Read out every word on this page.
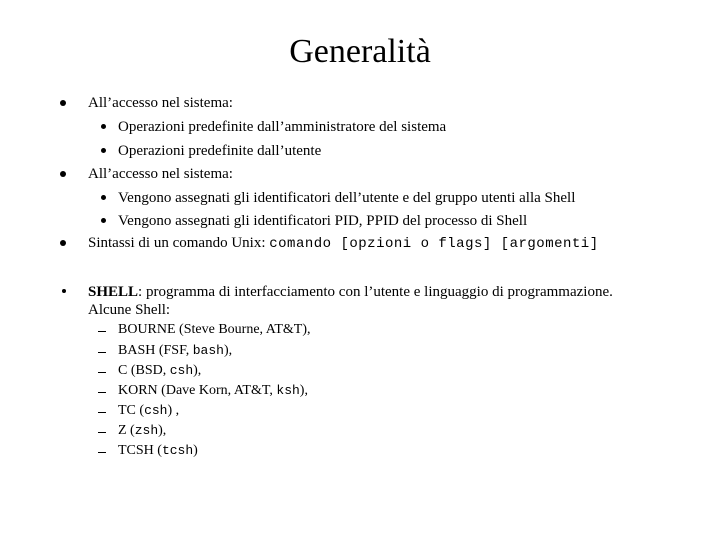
Generalità
All’accesso nel sistema:
Operazioni predefinite dall’amministratore del sistema
Operazioni predefinite dall’utente
All’accesso nel sistema:
Vengono assegnati gli identificatori dell’utente e del gruppo utenti alla Shell
Vengono assegnati gli identificatori PID, PPID del processo di Shell
Sintassi di un comando Unix: comando [opzioni o flags] [argomenti]
SHELL: programma di interfacciamento con l’utente e linguaggio di programmazione.
Alcune Shell:
BOURNE (Steve Bourne, AT&T),
BASH (FSF, bash),
C (BSD, csh),
KORN (Dave Korn, AT&T, ksh),
TC (csh) ,
Z (zsh),
TCSH (tcsh)
